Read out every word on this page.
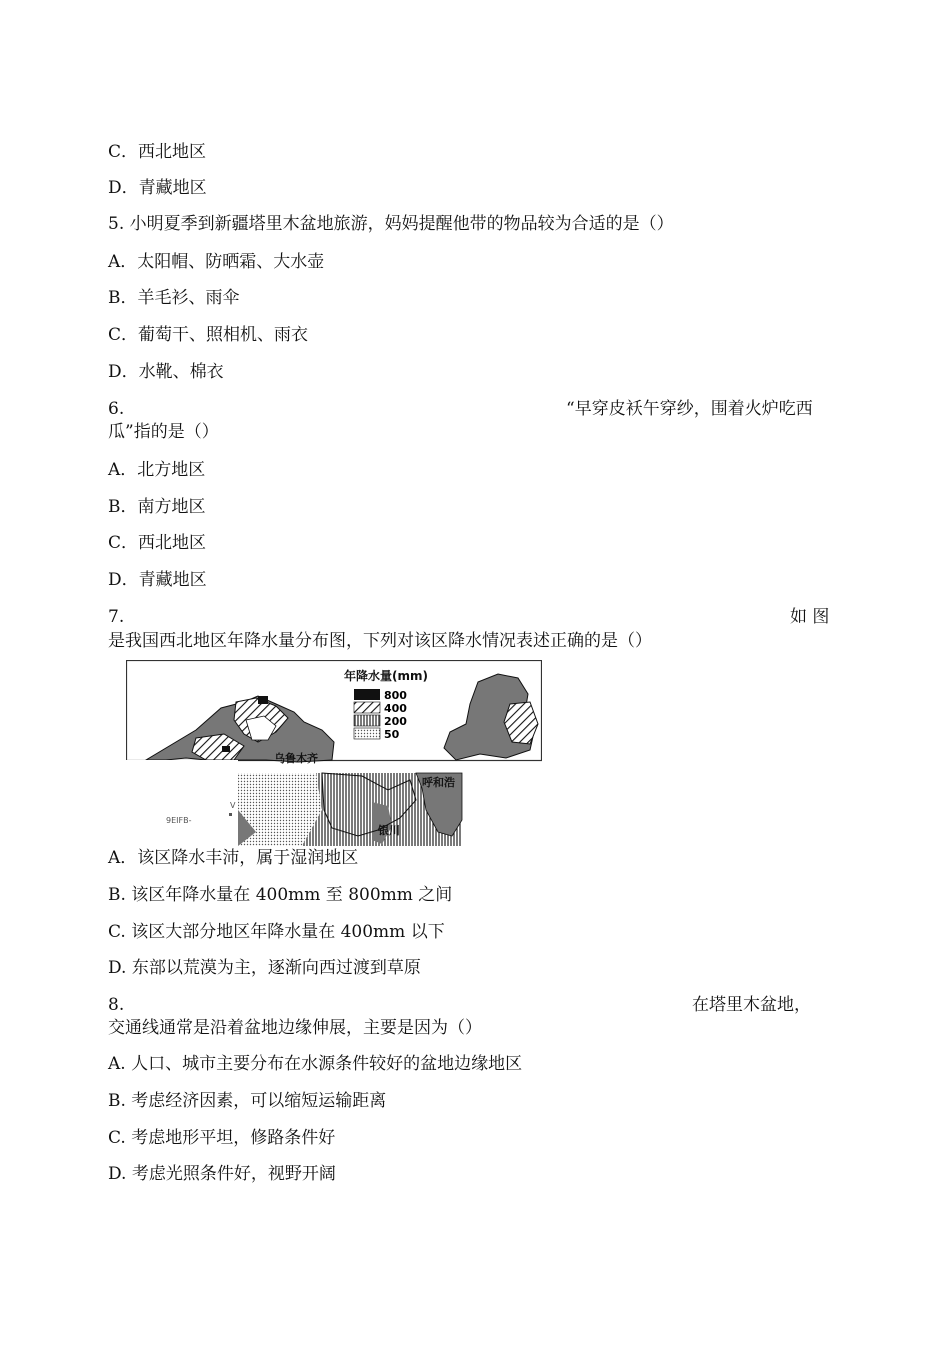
C．西北地区
D．青藏地区
5. 小明夏季到新疆塔里木盆地旅游，妈妈提醒他带的物品较为合适的是（）
A．太阳帽、防晒霜、大水壶
B．羊毛衫、雨伞
C．葡萄干、照相机、雨衣
D．水靴、棉衣
6.	“早穿皮袄午穿纱，围着火炉吃西
瓜”指的是（）
A．北方地区
B．南方地区
C．西北地区
D．青藏地区
7.	如 图
是我国西北地区年降水量分布图，下列对该区降水情况表述正确的是（）
乌鲁木齐
年降水量(mm)
800
400
200
50
9EIFB-
V
呼和浩
银川
A．该区降水丰沛，属于湿润地区
B. 该区年降水量在 400mm 至 800mm 之间
C. 该区大部分地区年降水量在 400mm 以下
D. 东部以荒漠为主，逐渐向西过渡到草原
8.	在塔里木盆地，
交通线通常是沿着盆地边缘伸展，主要是因为（）
A. 人口、城市主要分布在水源条件较好的盆地边缘地区
B. 考虑经济因素，可以缩短运输距离
C. 考虑地形平坦，修路条件好
D. 考虑光照条件好，视野开阔
